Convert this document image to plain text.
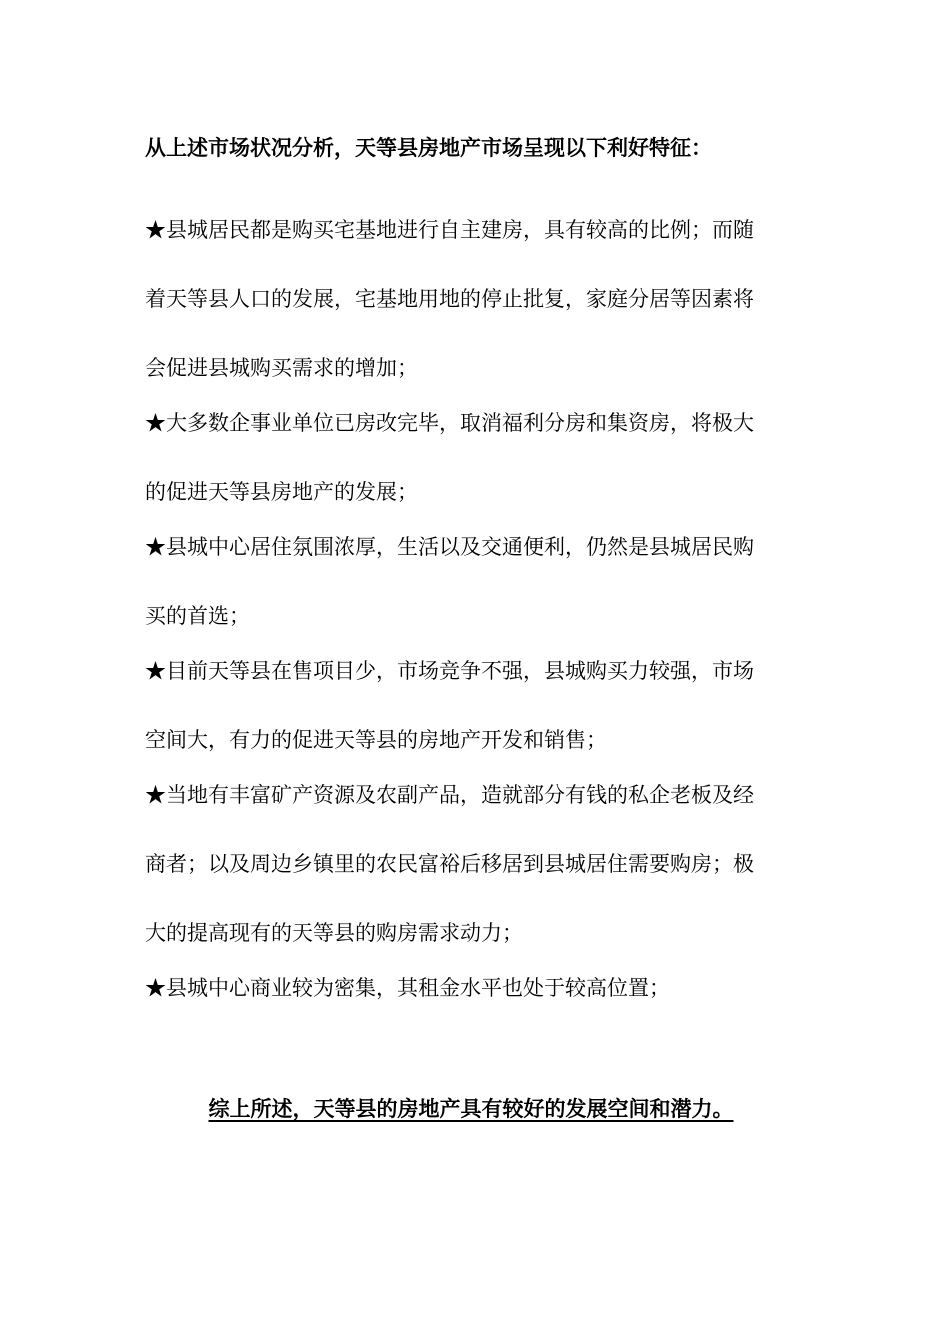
从上述市场状况分析，天等县房地产市场呈现以下利好特征：

★县城居民都是购买宅基地进行自主建房，具有较高的比例；而随
着天等县人口的发展，宅基地用地的停止批复，家庭分居等因素将
会促进县城购买需求的增加；
★大多数企事业单位已房改完毕，取消福利分房和集资房，将极大
的促进天等县房地产的发展；
★县城中心居住氛围浓厚，生活以及交通便利，仍然是县城居民购
买的首选；
★目前天等县在售项目少，市场竞争不强，县城购买力较强，市场
空间大，有力的促进天等县的房地产开发和销售；
★当地有丰富矿产资源及农副产品，造就部分有钱的私企老板及经
商者；以及周边乡镇里的农民富裕后移居到县城居住需要购房；极
大的提高现有的天等县的购房需求动力；
★县城中心商业较为密集，其租金水平也处于较高位置；
综上所述，天等县的房地产具有较好的发展空间和潜力。
